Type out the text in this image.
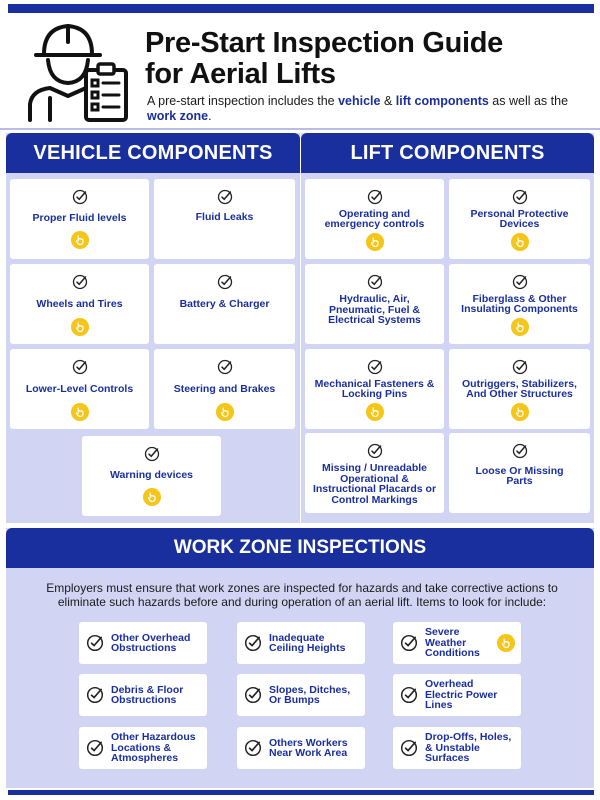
Pre-Start Inspection Guide
for Aerial Lifts
A pre-start inspection includes the vehicle & lift components as well as the work zone.
VEHICLE COMPONENTS	LIFT COMPONENTS
Proper Fluid levels	Fluid Leaks
Wheels and Tires	Battery & Charger
Lower-Level Controls	Steering and Brakes
Warning devices
Operating and
emergency controls
Personal Protective
Devices
Hydraulic, Air,
Pneumatic, Fuel &
Electrical Systems
Fiberglass & Other
Insulating Components
Mechanical Fasteners &
Locking Pins
Outriggers, Stabilizers,
And Other Structures
Missing / Unreadable
Operational &
Instructional Placards or
Control Markings
Loose Or Missing
Parts
WORK ZONE INSPECTIONS
Employers must ensure that work zones are inspected for hazards and take corrective actions to eliminate such hazards before and during operation of an aerial lift. Items to look for include:
Other Overhead
Obstructions
Inadequate
Ceiling Heights
Severe
Weather
Conditions
Debris & Floor
Obstructions
Slopes, Ditches,
Or Bumps
Overhead
Electric Power
Lines
Other Hazardous
Locations &
Atmospheres
Others Workers
Near Work Area
Drop-Offs, Holes,
& Unstable
Surfaces
